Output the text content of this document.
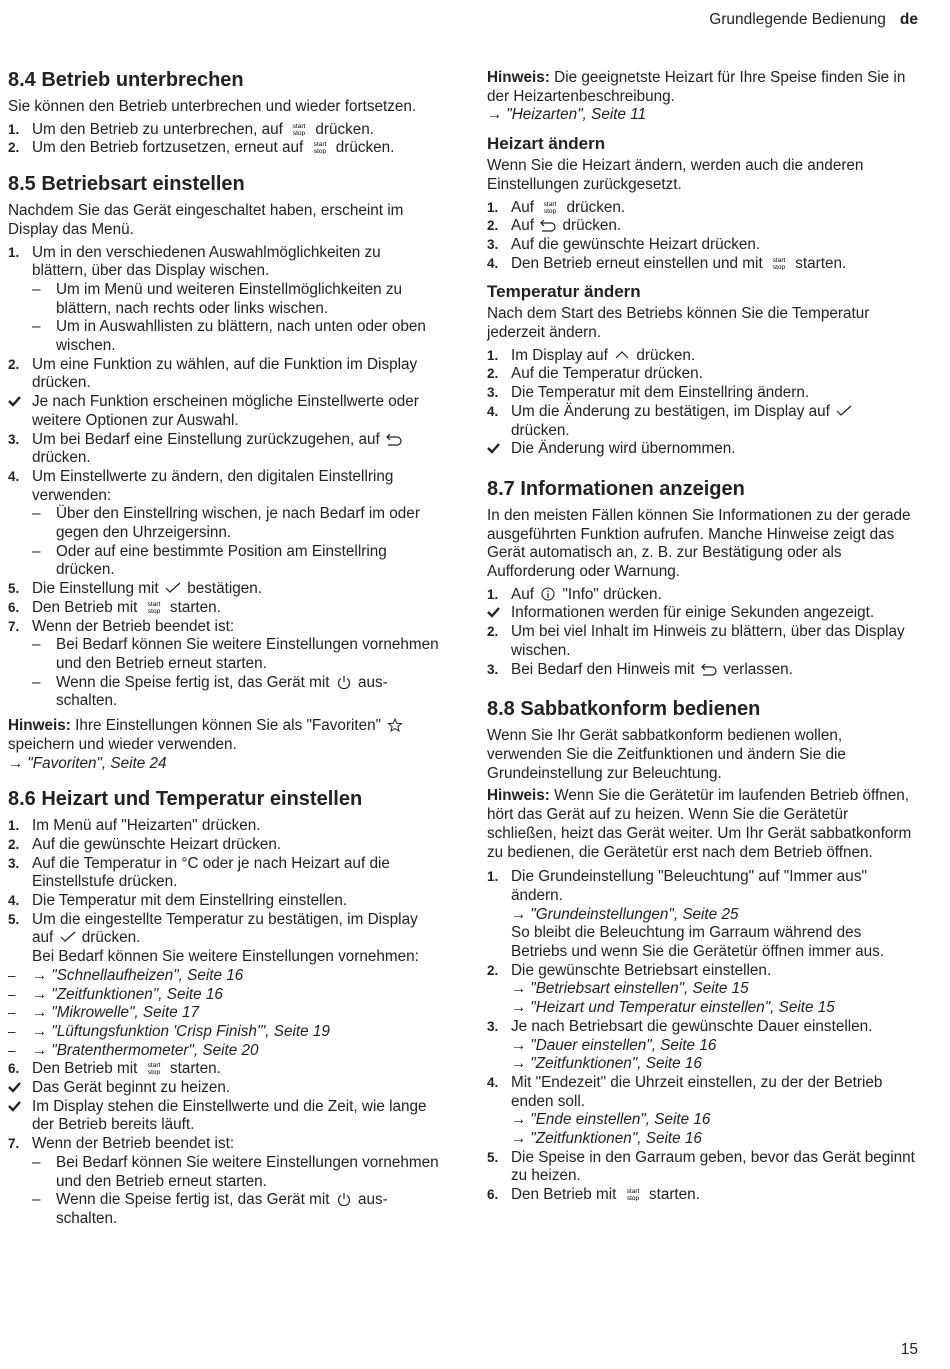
Grundlegende Bedienung de
8.4 Betrieb unterbrechen

Sie können den Betrieb unterbrechen und wieder fortsetzen.

1. Um den Betrieb zu unterbrechen, auf start
stop drücken.
2. Um den Betrieb fortzusetzen, erneut auf start
stop drücken.
8.5 Betriebsart einstellen

Nachdem Sie das Gerät eingeschaltet haben, erscheint im Display das Menü.

1. Um in den verschiedenen Auswahlmöglichkeiten zu blättern, über das Display wischen.
– Um im Menü und weiteren Einstellmöglichkeiten zu blättern, nach rechts oder links wischen.
– Um in Auswahllisten zu blättern, nach unten oder oben wischen.
2. Um eine Funktion zu wählen, auf die Funktion im Display drücken.
Je nach Funktion erscheinen mögliche Einstellwerte oder weitere Optionen zur Auswahl.
3. Um bei Bedarf eine Einstellung zurückzugehen, auf  drücken.
4. Um Einstellwerte zu ändern, den digitalen Einstellring verwenden:
– Über den Einstellring wischen, je nach Bedarf im oder gegen den Uhrzeigersinn.
– Oder auf eine bestimmte Position am Einstellring drücken.
5. Die Einstellung mit bestätigen.
6. Den Betrieb mit start
stop starten.
7. Wenn der Betrieb beendet ist:
– Bei Bedarf können Sie weitere Einstellungen vornehmen und den Betrieb erneut starten.
– Wenn die Speise fertig ist, das Gerät mit ausschalten.

Hinweis: Ihre Einstellungen können Sie als "Favoriten"  speichern und wieder verwenden.
→ "Favoriten", Seite 24

8.6 Heizart und Temperatur einstellen
1. Im Menü auf "Heizarten" drücken.
2. Auf die gewünschte Heizart drücken.
3. Auf die Temperatur in °C oder je nach Heizart auf die Einstellstufe drücken.
4. Die Temperatur mit dem Einstellring einstellen.
5. Um die eingestellte Temperatur zu bestätigen, im Display auf drücken.
Bei Bedarf können Sie weitere Einstellungen vornehmen:
– → "Schnellaufheizen", Seite 16
– → "Zeitfunktionen", Seite 16
– → "Mikrowelle", Seite 17
– → "Lüftungsfunktion 'Crisp Finish'", Seite 19
– → "Bratenthermometer", Seite 20
6. Den Betrieb mit start
stop starten.
Das Gerät beginnt zu heizen.
Im Display stehen die Einstellwerte und die Zeit, wie lange der Betrieb bereits läuft.
7. Wenn der Betrieb beendet ist:
– Bei Bedarf können Sie weitere Einstellungen vornehmen und den Betrieb erneut starten.
– Wenn die Speise fertig ist, das Gerät mit ausschalten.

Hinweis: Die geeignetste Heizart für Ihre Speise finden Sie in der Heizartenbeschreibung.
→ "Heizarten", Seite 11

Heizart ändern

Wenn Sie die Heizart ändern, werden auch die anderen Einstellungen zurückgesetzt.

1. Auf start
stop drücken.
2. Auf drücken.
3. Auf die gewünschte Heizart drücken.
4. Den Betrieb erneut einstellen und mit start
stop starten.
Temperatur ändern

Nach dem Start des Betriebs können Sie die Temperatur jederzeit ändern.

1. Im Display auf drücken.
2. Auf die Temperatur drücken.
3. Die Temperatur mit dem Einstellring ändern.
4. Um die Änderung zu bestätigen, im Display auf
drücken.
Die Änderung wird übernommen.
8.7 Informationen anzeigen

In den meisten Fällen können Sie Informationen zu der gerade ausgeführten Funktion aufrufen. Manche Hinweise zeigt das Gerät automatisch an, z. B. zur Bestätigung oder als Aufforderung oder Warnung.

1. Auf "Info" drücken.
Informationen werden für einige Sekunden angezeigt.
2. Um bei viel Inhalt im Hinweis zu blättern, über das Display wischen.
3. Bei Bedarf den Hinweis mit verlassen.
8.8 Sabbatkonform bedienen

Wenn Sie Ihr Gerät sabbatkonform bedienen wollen, verwenden Sie die Zeitfunktionen und ändern Sie die Grundeinstellung zur Beleuchtung.

Hinweis: Wenn Sie die Gerätetür im laufenden Betrieb öffnen, hört das Gerät auf zu heizen. Wenn Sie die Gerätetür schließen, heizt das Gerät weiter. Um Ihr Gerät sabbatkonform zu bedienen, die Gerätetür erst nach dem Betrieb öffnen.

1. Die Grundeinstellung "Beleuchtung" auf "Immer aus" ändern.
→ "Grundeinstellungen", Seite 25
So bleibt die Beleuchtung im Garraum während des Betriebs und wenn Sie die Gerätetür öffnen immer aus.
2. Die gewünschte Betriebsart einstellen.
→ "Betriebsart einstellen", Seite 15
→ "Heizart und Temperatur einstellen", Seite 15
3. Je nach Betriebsart die gewünschte Dauer einstellen.
→ "Dauer einstellen", Seite 16
→ "Zeitfunktionen", Seite 16
4. Mit "Endezeit" die Uhrzeit einstellen, zu der der Betrieb enden soll.
→ "Ende einstellen", Seite 16
→ "Zeitfunktionen", Seite 16
5. Die Speise in den Garraum geben, bevor das Gerät beginnt zu heizen.
6. Den Betrieb mit start
stop starten.
15
